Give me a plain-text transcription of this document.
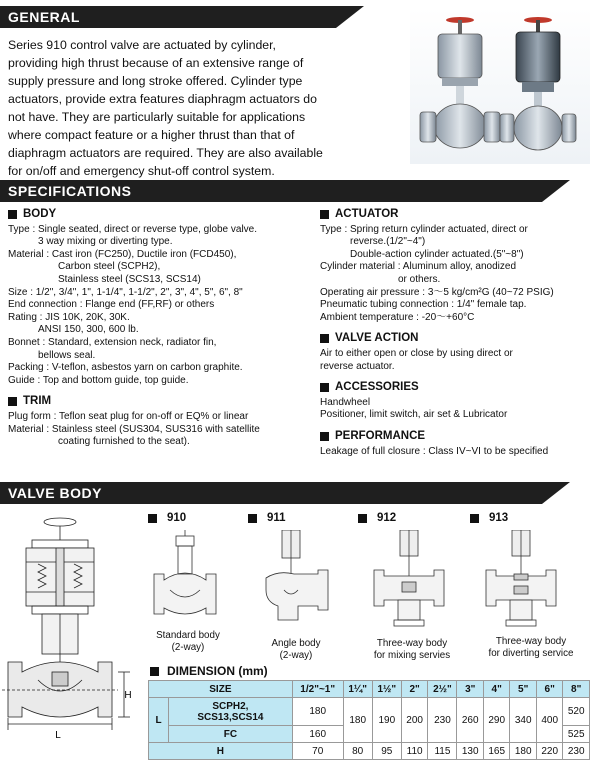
GENERAL
Series 910 control valve are actuated by cylinder,
providing high thrust because of an extensive range of
supply pressure and long stroke offered. Cylinder type
actuators, provide extra features diaphragm actuators do
not have. They are particularly suitable for applications
where compact feature or a higher thrust than that of
diaphragm actuators are required. They are also available
for on/off and emergency shut-off control system.
SPECIFICATIONS
BODY
Type : Single seated, direct or reverse type, globe valve.
3 way mixing or diverting type.
Material : Cast iron (FC250), Ductile iron (FCD450),
Carbon steel (SCPH2),
Stainless steel (SCS13, SCS14)
Size : 1/2", 3/4", 1", 1-1/4", 1-1/2", 2", 3", 4", 5", 6", 8"
End connection : Flange end (FF,RF) or others
Rating : JIS 10K, 20K, 30K.
ANSI 150, 300, 600 lb.
Bonnet : Standard, extension neck, radiator fin,
bellows seal.
Packing : V-teflon, asbestos yarn on carbon graphite.
Guide : Top and bottom guide, top guide.
TRIM
Plug form : Teflon seat plug for on-off or EQ% or linear
Material : Stainless steel (SUS304, SUS316 with satellite
coating furnished to the seat).
ACTUATOR
Type : Spring return cylinder actuated, direct or
reverse.(1/2"~4")
Double-action cylinder actuated.(5"~8")
Cylinder material : Aluminum alloy, anodized
or others.
Operating air pressure : 3～5 kg/cm²G (40~72 PSIG)
Pneumatic tubing connection : 1/4" female tap.
Ambient temperature : -20～+60°C
VALVE ACTION
Air to either open or close by using direct or
reverse actuator.
ACCESSORIES
Handwheel
Positioner, limit switch, air set & Lubricator
PERFORMANCE
Leakage of full closure : Class IV~VI to be specified
VALVE BODY
L
H
910	911	912	913
Standard body
(2-way)	Angle body
(2-way)
Three-way body
for mixing servies
Three-way body
for diverting service
DIMENSION (mm)
SIZE		1/2"~1"	1¼"	1½"	2"	2½"	3"	4"	5"	6"	8"
L	SCPH2,
SCS13,SCS14	180	180	190	200	230	260	290	340	400	520
	FC	160									525
H		70	80	95	110	115	130	165	180	220	230
